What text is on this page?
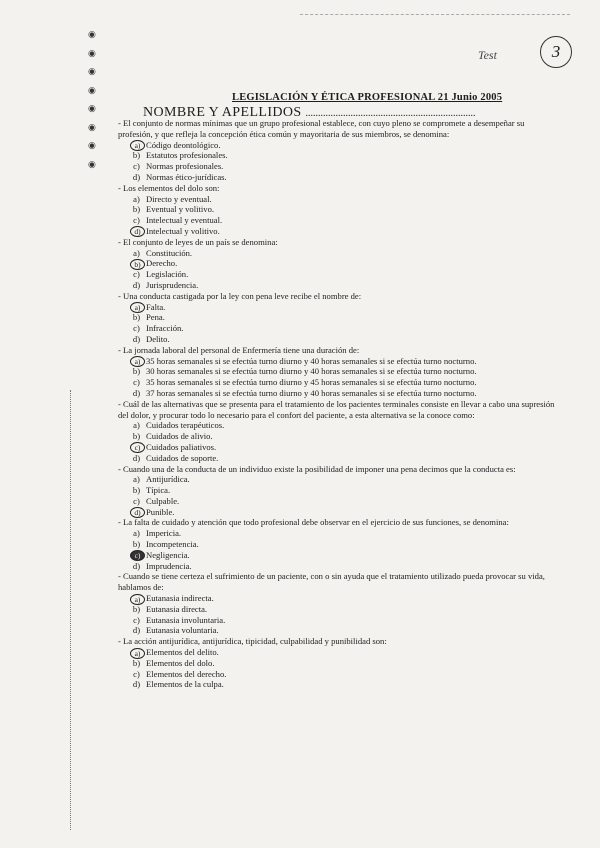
◉
◉
◉
◉
◉
◉
◉
◉
Test	3
LEGISLACIÓN Y ÉTICA PROFESIONAL 21 Junio 2005
NOMBRE Y APELLIDOS ....................................................................

- El conjunto de normas mínimas que un grupo profesional establece, con cuyo pleno se compromete a desempeñar su profesión, y que refleja la concepción ética común y mayoritaria de sus miembros, se denomina:

a) Código deontológico.
b) Estatutos profesionales.
c) Normas profesionales.
d) Normas ético-jurídicas.

- Los elementos del dolo son:

a) Directo y eventual.
b) Eventual y volitivo.
c) Intelectual y eventual.
d) Intelectual y volitivo.

- El conjunto de leyes de un país se denomina:

a) Constitución.
b) Derecho.
c) Legislación.
d) Jurisprudencia.

- Una conducta castigada por la ley con pena leve recibe el nombre de:

a) Falta.
b) Pena.
c) Infracción.
d) Delito.

- La jornada laboral del personal de Enfermería tiene una duración de:

a) 35 horas semanales si se efectúa turno diurno y 40 horas semanales si se efectúa turno nocturno.
b) 30 horas semanales si se efectúa turno diurno y 40 horas semanales si se efectúa turno nocturno.
c) 35 horas semanales si se efectúa turno diurno y 45 horas semanales si se efectúa turno nocturno.
d) 37 horas semanales si se efectúa turno diurno y 40 horas semanales si se efectúa turno nocturno.

- Cuál de las alternativas que se presenta para el tratamiento de los pacientes terminales consiste en llevar a cabo una supresión del dolor, y procurar todo lo necesario para el confort del paciente, a esta alternativa se la conoce como:

a) Cuidados terapéuticos.
b) Cuidados de alivio.
c) Cuidados paliativos.
d) Cuidados de soporte.

- Cuando una de la conducta de un individuo existe la posibilidad de imponer una pena decimos que la conducta es:

a) Antijurídica.
b) Típica.
c) Culpable.
d) Punible.

- La falta de cuidado y atención que todo profesional debe observar en el ejercicio de sus funciones, se denomina:

a) Impericia.
b) Incompetencia.
c) Negligencia.
d) Imprudencia.

- Cuando se tiene certeza el sufrimiento de un paciente, con o sin ayuda que el tratamiento utilizado pueda provocar su vida, hablamos de:

a) Eutanasia indirecta.
b) Eutanasia directa.
c) Eutanasia involuntaria.
d) Eutanasia voluntaria.

- La acción antijurídica, antijurídica, tipicidad, culpabilidad y punibilidad son:

a) Elementos del delito.
b) Elementos del dolo.
c) Elementos del derecho.
d) Elementos de la culpa.
